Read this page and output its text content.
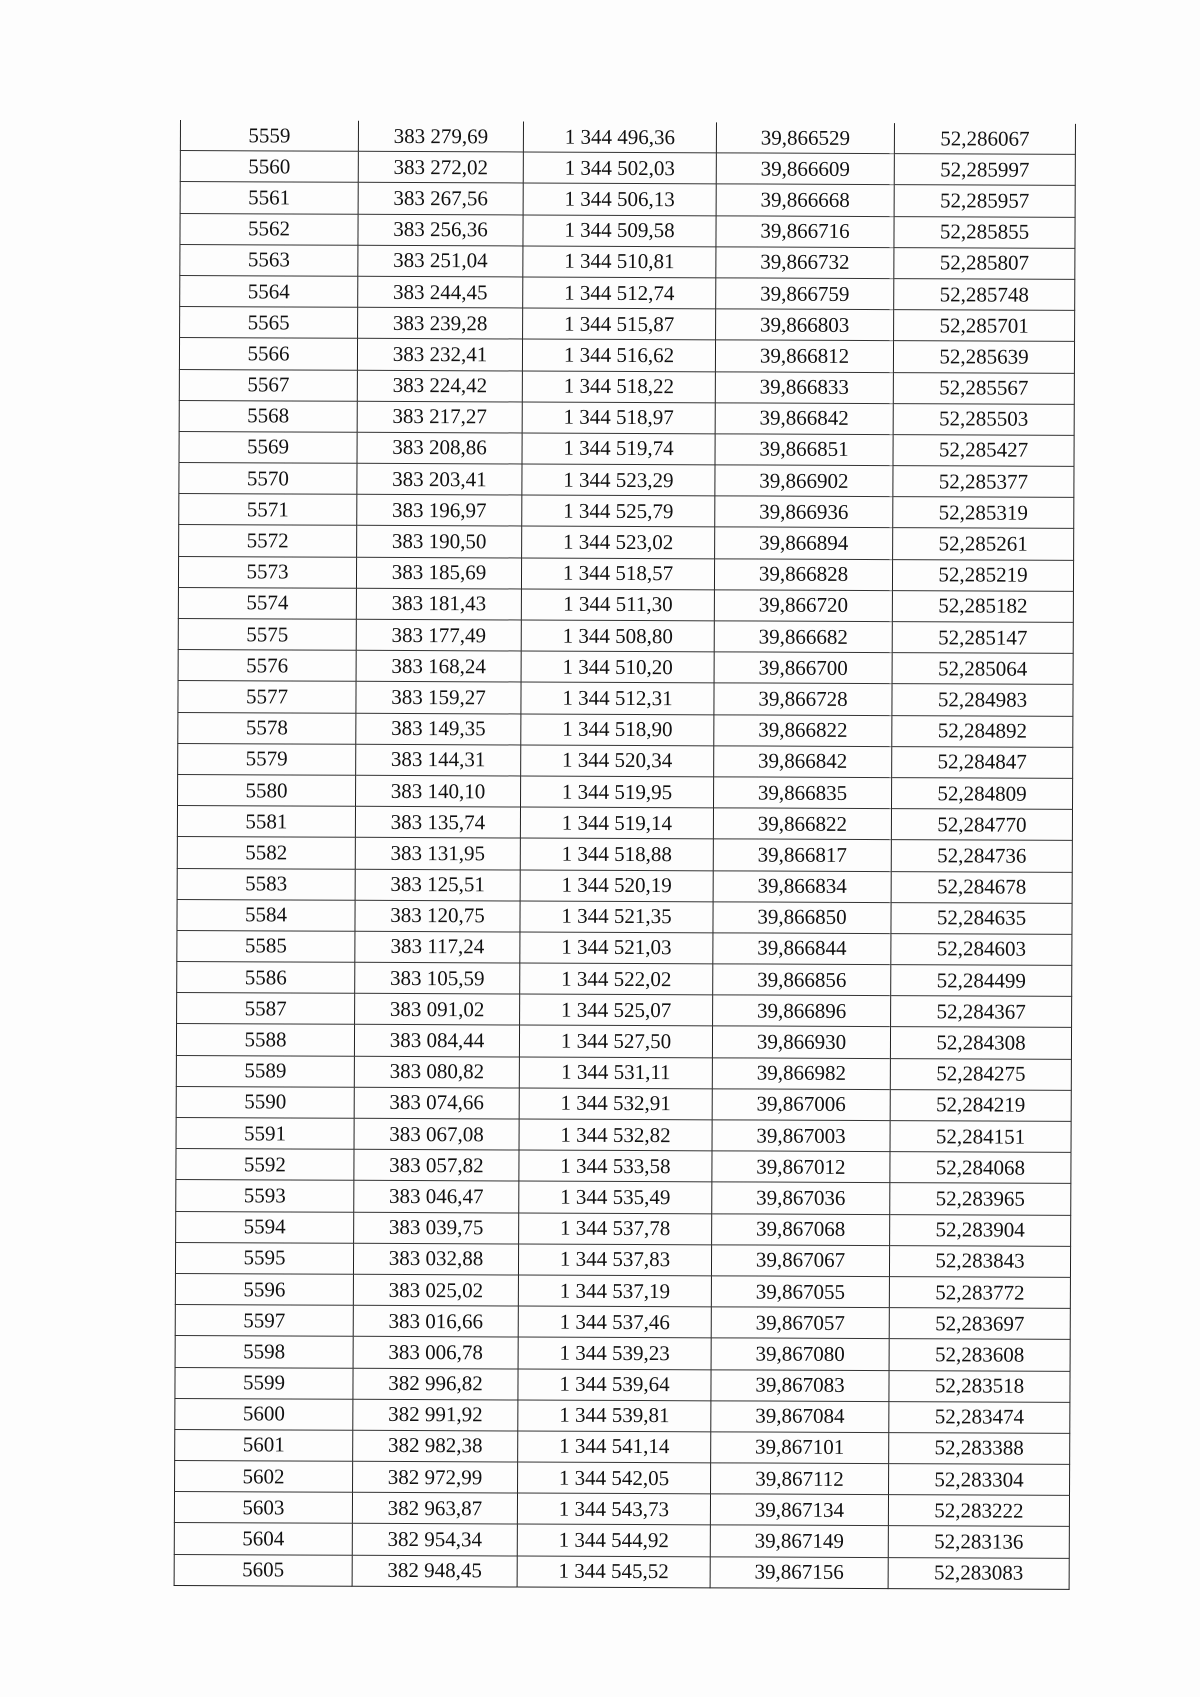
5559	383 279,69	1 344 496,36	39,866529	52,286067
5560	383 272,02	1 344 502,03	39,866609	52,285997
5561	383 267,56	1 344 506,13	39,866668	52,285957
5562	383 256,36	1 344 509,58	39,866716	52,285855
5563	383 251,04	1 344 510,81	39,866732	52,285807
5564	383 244,45	1 344 512,74	39,866759	52,285748
5565	383 239,28	1 344 515,87	39,866803	52,285701
5566	383 232,41	1 344 516,62	39,866812	52,285639
5567	383 224,42	1 344 518,22	39,866833	52,285567
5568	383 217,27	1 344 518,97	39,866842	52,285503
5569	383 208,86	1 344 519,74	39,866851	52,285427
5570	383 203,41	1 344 523,29	39,866902	52,285377
5571	383 196,97	1 344 525,79	39,866936	52,285319
5572	383 190,50	1 344 523,02	39,866894	52,285261
5573	383 185,69	1 344 518,57	39,866828	52,285219
5574	383 181,43	1 344 511,30	39,866720	52,285182
5575	383 177,49	1 344 508,80	39,866682	52,285147
5576	383 168,24	1 344 510,20	39,866700	52,285064
5577	383 159,27	1 344 512,31	39,866728	52,284983
5578	383 149,35	1 344 518,90	39,866822	52,284892
5579	383 144,31	1 344 520,34	39,866842	52,284847
5580	383 140,10	1 344 519,95	39,866835	52,284809
5581	383 135,74	1 344 519,14	39,866822	52,284770
5582	383 131,95	1 344 518,88	39,866817	52,284736
5583	383 125,51	1 344 520,19	39,866834	52,284678
5584	383 120,75	1 344 521,35	39,866850	52,284635
5585	383 117,24	1 344 521,03	39,866844	52,284603
5586	383 105,59	1 344 522,02	39,866856	52,284499
5587	383 091,02	1 344 525,07	39,866896	52,284367
5588	383 084,44	1 344 527,50	39,866930	52,284308
5589	383 080,82	1 344 531,11	39,866982	52,284275
5590	383 074,66	1 344 532,91	39,867006	52,284219
5591	383 067,08	1 344 532,82	39,867003	52,284151
5592	383 057,82	1 344 533,58	39,867012	52,284068
5593	383 046,47	1 344 535,49	39,867036	52,283965
5594	383 039,75	1 344 537,78	39,867068	52,283904
5595	383 032,88	1 344 537,83	39,867067	52,283843
5596	383 025,02	1 344 537,19	39,867055	52,283772
5597	383 016,66	1 344 537,46	39,867057	52,283697
5598	383 006,78	1 344 539,23	39,867080	52,283608
5599	382 996,82	1 344 539,64	39,867083	52,283518
5600	382 991,92	1 344 539,81	39,867084	52,283474
5601	382 982,38	1 344 541,14	39,867101	52,283388
5602	382 972,99	1 344 542,05	39,867112	52,283304
5603	382 963,87	1 344 543,73	39,867134	52,283222
5604	382 954,34	1 344 544,92	39,867149	52,283136
5605	382 948,45	1 344 545,52	39,867156	52,283083
